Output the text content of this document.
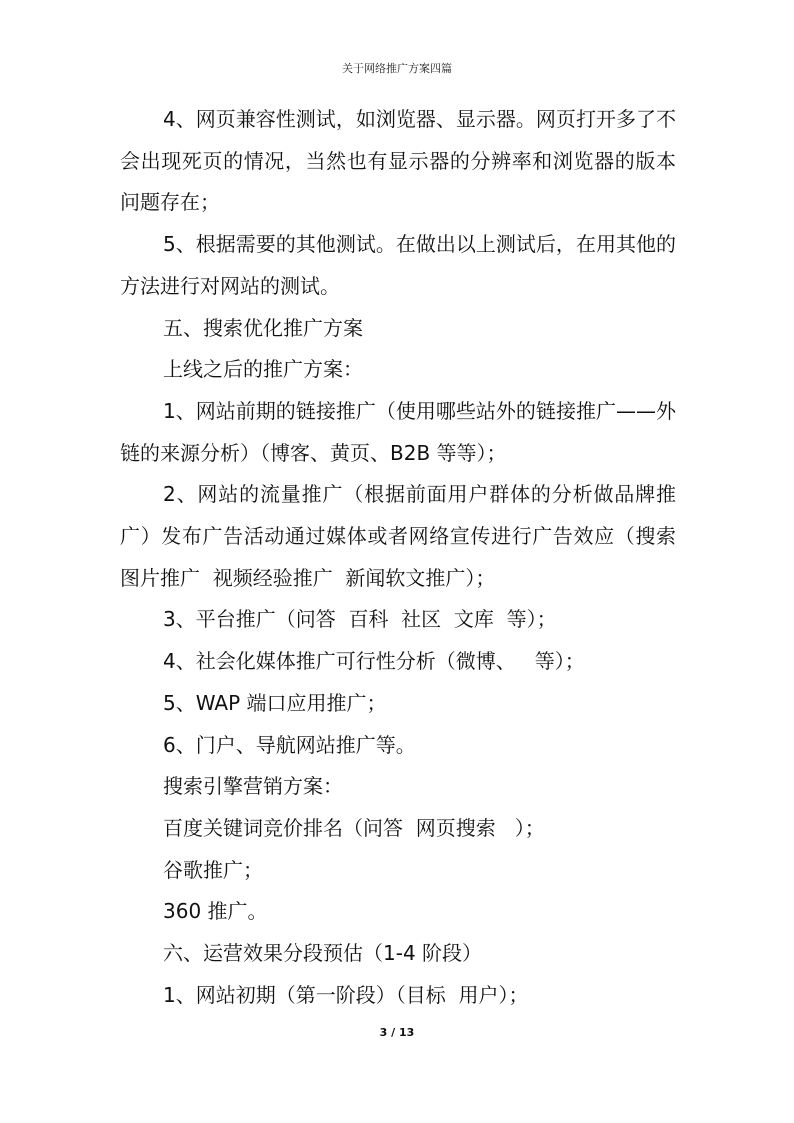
关于网络推广方案四篇

4、网页兼容性测试，如浏览器、显示器。网页打开多了不会出现死页的情况，当然也有显示器的分辨率和浏览器的版本问题存在；

5、根据需要的其他测试。在做出以上测试后，在用其他的方法进行对网站的测试。

五、搜索优化推广方案

上线之后的推广方案：

1、网站前期的链接推广（使用哪些站外的链接推广——外链的来源分析）（博客、黄页、B2B 等等）；

2、网站的流量推广（根据前面用户群体的分析做品牌推广）发布广告活动通过媒体或者网络宣传进行广告效应（搜索图片推广  视频经验推广  新闻软文推广）；

3、平台推广（问答  百科  社区  文库  等）；

4、社会化媒体推广可行性分析（微博、   等）；

5、WAP 端口应用推广；

6、门户、导航网站推广等。

搜索引擎营销方案：

百度关键词竞价排名（问答  网页搜索   ）；

谷歌推广；

360 推广。

六、运营效果分段预估（1-4 阶段）

1、网站初期（第一阶段）（目标  用户）；

3 / 13
